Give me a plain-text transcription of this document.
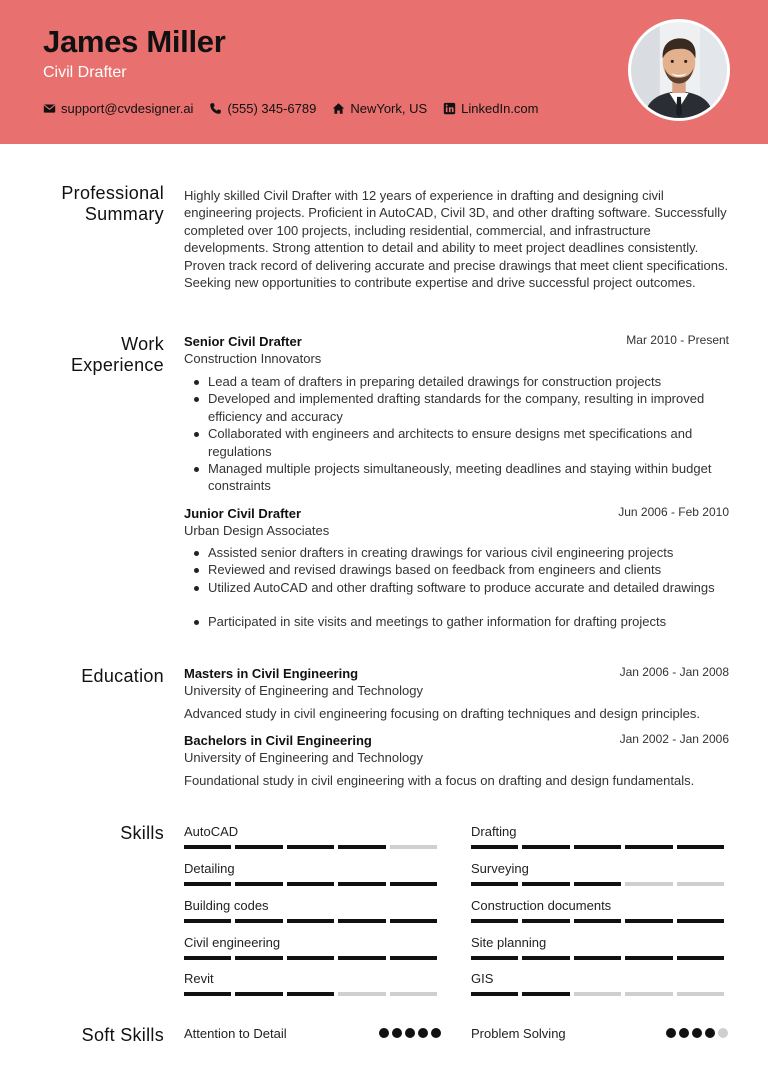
James Miller
Civil Drafter
support@cvdesigner.ai	(555) 345-6789	NewYork, US	LinkedIn.com
Professional
Summary
Highly skilled Civil Drafter with 12 years of experience in drafting and designing civil engineering projects. Proficient in AutoCAD, Civil 3D, and other drafting software. Successfully completed over 100 projects, including residential, commercial, and infrastructure developments. Strong attention to detail and ability to meet project deadlines consistently. Proven track record of delivering accurate and precise drawings that meet client specifications. Seeking new opportunities to contribute expertise and drive successful project outcomes.
Work
Experience
Senior Civil Drafter	Mar 2010 - Present
Construction Innovators
Lead a team of drafters in preparing detailed drawings for construction projects
Developed and implemented drafting standards for the company, resulting in improved efficiency and accuracy
Collaborated with engineers and architects to ensure designs met specifications and regulations
Managed multiple projects simultaneously, meeting deadlines and staying within budget constraints
Junior Civil Drafter	Jun 2006 - Feb 2010
Urban Design Associates
Assisted senior drafters in creating drawings for various civil engineering projects
Reviewed and revised drawings based on feedback from engineers and clients
Utilized AutoCAD and other drafting software to produce accurate and detailed drawings
Participated in site visits and meetings to gather information for drafting projects
Education Masters in Civil Engineering	Jan 2006 - Jan 2008
University of Engineering and Technology
Advanced study in civil engineering focusing on drafting techniques and design principles.
Bachelors in Civil Engineering	Jan 2002 - Jan 2006
University of Engineering and Technology
Foundational study in civil engineering with a focus on drafting and design fundamentals.
Skills AutoCAD	Drafting
Detailing	Surveying
Building codes	Construction documents
Civil engineering	Site planning
Revit	GIS
Soft Skills Attention to Detail	Problem Solving
